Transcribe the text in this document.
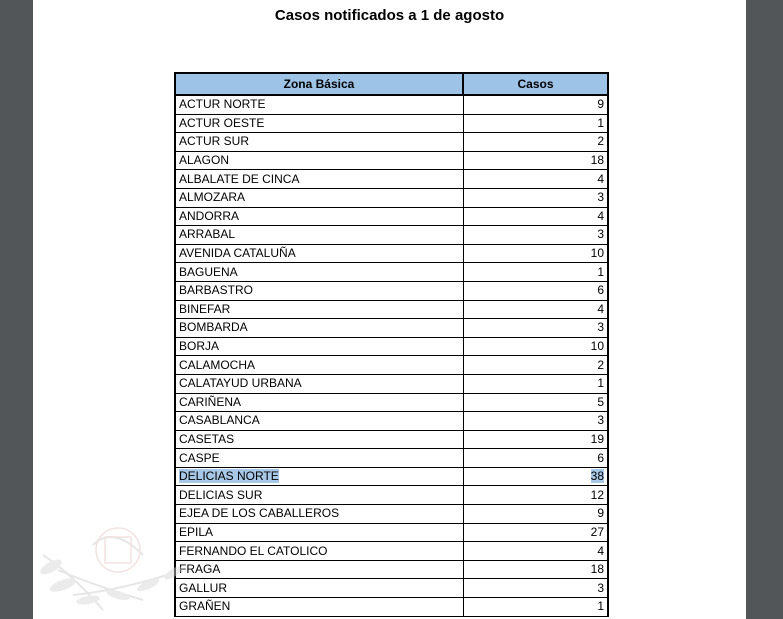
Casos notificados a 1 de agosto
Zona Básica	Casos
ACTUR NORTE	9
ACTUR OESTE	1
ACTUR SUR	2
ALAGON	18
ALBALATE DE CINCA	4
ALMOZARA	3
ANDORRA	4
ARRABAL	3
AVENIDA CATALUÑA	10
BAGUENA	1
BARBASTRO	6
BINEFAR	4
BOMBARDA	3
BORJA	10
CALAMOCHA	2
CALATAYUD URBANA	1
CARIÑENA	5
CASABLANCA	3
CASETAS	19
CASPE	6
DELICIAS NORTE	38
DELICIAS SUR	12
EJEA DE LOS CABALLEROS	9
EPILA	27
FERNANDO EL CATOLICO	4
FRAGA	18
GALLUR	3
GRAÑEN	1
